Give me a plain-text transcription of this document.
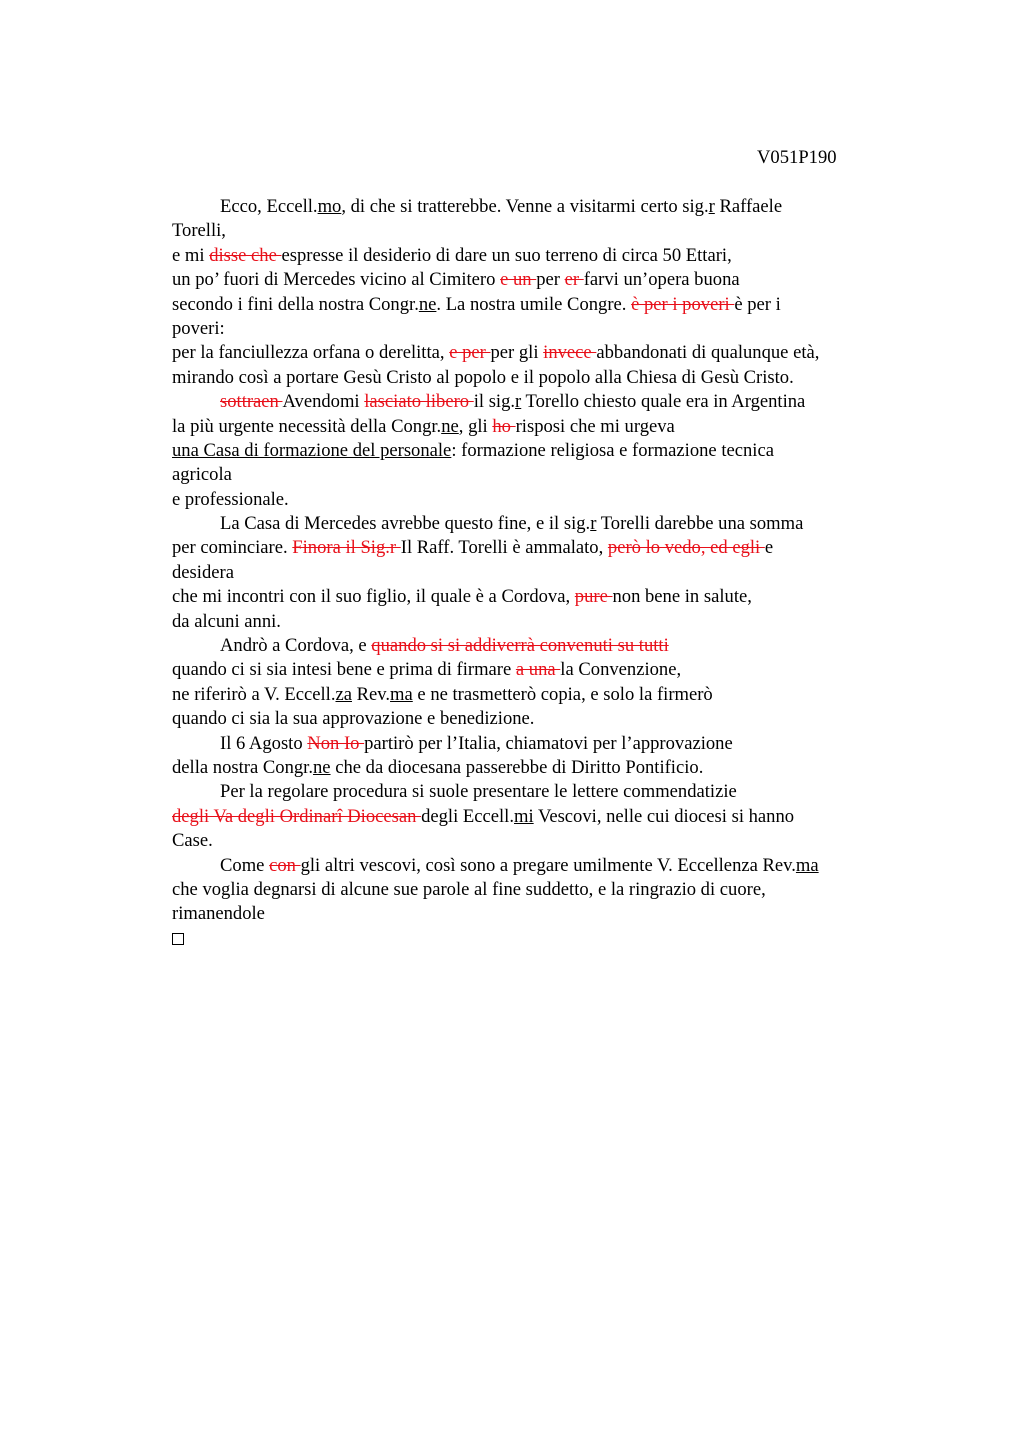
V051P190
Ecco, Eccell.mo, di che si tratterebbe. Venne a visitarmi certo sig.r Raffaele
Torelli,
e mi disse che espresse il desiderio di dare un suo terreno di circa 50 Ettari,
un po’ fuori di Mercedes vicino al Cimitero e un per er farvi un’opera buona
secondo i fini della nostra Congr.ne. La nostra umile Congre. è per i poveri è per i
poveri:
per la fanciullezza orfana o derelitta, e per per gli invece abbandonati di qualunque età,
mirando così a portare Gesù Cristo al popolo e il popolo alla Chiesa di Gesù Cristo.
sottraen Avendomi lasciato libero il sig.r Torello chiesto quale era in Argentina
la più urgente necessità della Congr.ne, gli ho risposi che mi urgeva
una Casa di formazione del personale: formazione religiosa e formazione tecnica
agricola
e professionale.
La Casa di Mercedes avrebbe questo fine, e il sig.r Torelli darebbe una somma
per cominciare. Finora il Sig.r Il Raff. Torelli è ammalato, però lo vedo, ed egli e
desidera
che mi incontri con il suo figlio, il quale è a Cordova, pure non bene in salute,
da alcuni anni.
Andrò a Cordova, e quando si si addiverrà convenuti su tutti
quando ci si sia intesi bene e prima di firmare a una la Convenzione,
ne riferirò a V. Eccell.za Rev.ma e ne trasmetterò copia, e solo la firmerò
quando ci sia la sua approvazione e benedizione.
Il 6 Agosto Non Io partirò per l’Italia, chiamatovi per l’approvazione
della nostra Congr.ne che da diocesana passerebbe di Diritto Pontificio.
Per la regolare procedura si suole presentare le lettere commendatizie
degli Va degli Ordinarî Diocesan degli Eccell.mi Vescovi, nelle cui diocesi si hanno
Case.
Come con gli altri vescovi, così sono a pregare umilmente V. Eccellenza Rev.ma
che voglia degnarsi di alcune sue parole al fine suddetto, e la ringrazio di cuore,
rimanendole
